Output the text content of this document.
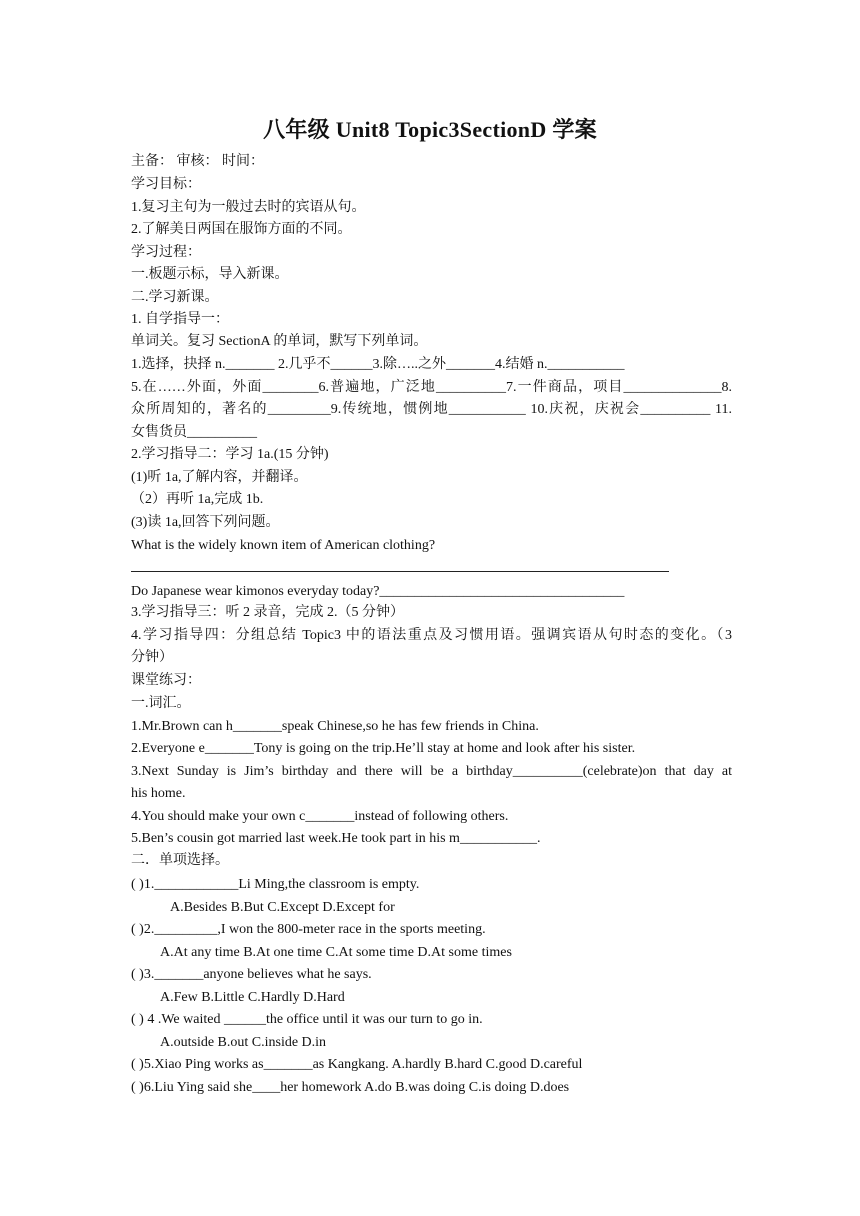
八年级 Unit8 Topic3SectionD 学案
主备： 审核： 时间：
学习目标：
1.复习主句为一般过去时的宾语从句。
2.了解美日两国在服饰方面的不同。
学习过程：
一.板题示标，导入新课。
二.学习新课。
1. 自学指导一：
单词关。复习 SectionA 的单词，默写下列单词。
1.选择，抉择 n._______ 2.几乎不______3.除…..之外_______4.结婚 n.___________
5.在……外面，外面________6.普遍地，广泛地__________7.一件商品，项目______________8.
众所周知的，著名的_________9.传统地，惯例地___________ 10.庆祝，庆祝会__________ 11.
女售货员__________
2.学习指导二：学习 1a.(15 分钟)
(1)听 1a,了解内容，并翻译。
（2）再听 1a,完成 1b.
(3)读 1a,回答下列问题。
What is the widely known item of American clothing?
Do Japanese wear kimonos everyday today?___________________________________
3.学习指导三：听 2 录音，完成 2.（5 分钟）
4.学习指导四：分组总结 Topic3 中的语法重点及习惯用语。强调宾语从句时态的变化。（3
分钟）
课堂练习：
一.词汇。
1.Mr.Brown can h_______speak Chinese,so he has few friends in China.
2.Everyone e_______Tony is going on the trip.He’ll stay at home and look after his sister.
3.Next Sunday is Jim’s birthday and there will be a birthday__________(celebrate)on that day at
his home.
4.You should make your own c_______instead of following others.
5.Ben’s cousin got married last week.He took part in his m___________.
二．单项选择。
( )1.____________Li Ming,the classroom is empty.
A.Besides B.But C.Except D.Except for
( )2._________,I won the 800-meter race in the sports meeting.
A.At any time B.At one time C.At some time D.At some times
( )3._______anyone believes what he says.
A.Few B.Little C.Hardly D.Hard
( ) 4 .We waited ______the office until it was our turn to go in.
A.outside B.out C.inside D.in
( )5.Xiao Ping works as_______as Kangkang. A.hardly B.hard C.good D.careful
( )6.Liu Ying said she____her homework A.do B.was doing C.is doing D.does
